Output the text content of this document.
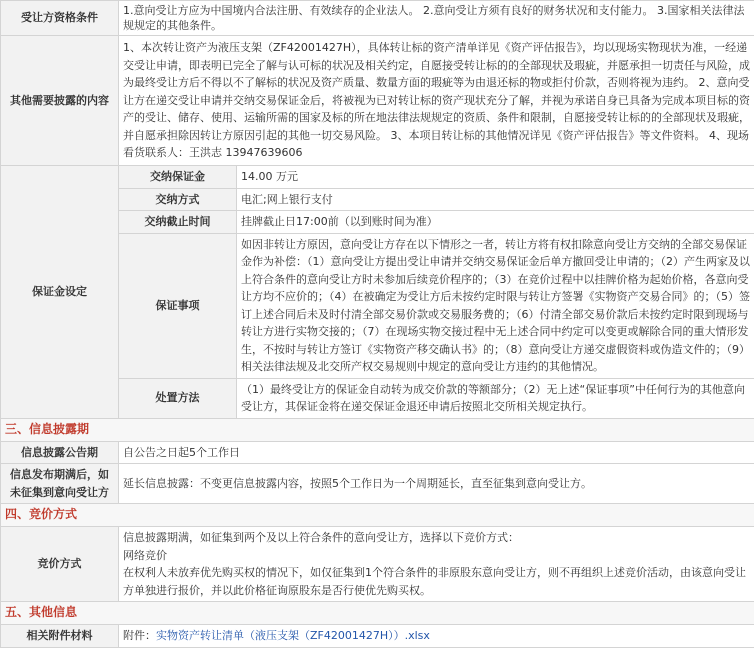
受让方资格条件	1.意向受让方应为中国境内合法注册、有效续存的企业法人。 2.意向受让方须有良好的财务状况和支付能力。 3.国家相关法律法规规定的其他条件。	
其他需要披露的内容	1、本次转让资产为液压支架（ZF42001427H），具体转让标的资产清单详见《资产评估报告》，均以现场实物现状为准，一经递交受让申请，即表明已完全了解与认可标的状况及相关约定，自愿接受转让标的的全部现状及瑕疵，并愿承担一切责任与风险，成为最终受让方后不得以不了解标的状况及资产质量、数量方面的瑕疵等为由退还标的物或拒付价款，否则将视为违约。 2、意向受让方在递交受让申请并交纳交易保证金后，将被视为已对转让标的资产现状充分了解，并视为承诺自身已具备为完成本项目标的资产的受让、储存、使用、运输所需的国家及标的所在地法律法规规定的资质、条件和限制，自愿接受转让标的的全部现状及瑕疵，并自愿承担除因转让方原因引起的其他一切交易风险。 3、本项目转让标的其他情况详见《资产评估报告》等文件资料。 4、现场看货联系人：王洪志 13947639606	
保证金设定	交纳保证金	14.00 万元
	交纳方式	电汇;网上银行支付
	交纳截止时间	挂牌截止日17:00前（以到账时间为准）
	保证事项	如因非转让方原因，意向受让方存在以下情形之一者，转让方将有权扣除意向受让方交纳的全部交易保证金作为补偿：（1）意向受让方提出受让申请并交纳交易保证金后单方撤回受让申请的；（2）产生两家及以上符合条件的意向受让方时未参加后续竞价程序的；（3）在竞价过程中以挂牌价格为起始价格，各意向受让方均不应价的；（4）在被确定为受让方后未按约定时限与转让方签署《实物资产交易合同》的；（5）签订上述合同后未及时付清全部交易价款或交易服务费的；（6）付清全部交易价款后未按约定时限到现场与转让方进行实物交接的；（7）在现场实物交接过程中无上述合同中约定可以变更或解除合同的重大情形发生，不按时与转让方签订《实物资产移交确认书》的；（8）意向受让方递交虚假资料或伪造文件的；（9）相关法律法规及北交所产权交易规则中规定的意向受让方违约的其他情况。
	处置方法	（1）最终受让方的保证金自动转为成交价款的等额部分；（2）无上述“保证事项”中任何行为的其他意向受让方，其保证金将在递交保证金退还申请后按照北交所相关规定执行。
三、信息披露期		
信息披露公告期	自公告之日起5个工作日	
信息发布期满后，如未征集到意向受让方	延长信息披露：不变更信息披露内容，按照5个工作日为一个周期延长，直至征集到意向受让方。	
四、竞价方式		
竞价方式	信息披露期满，如征集到两个及以上符合条件的意向受让方，选择以下竞价方式：
网络竞价
在权利人未放弃优先购买权的情况下，如仅征集到1个符合条件的非原股东意向受让方，则不再组织上述竞价活动，由该意向受让方单独进行报价，并以此价格征询原股东是否行使优先购买权。	

五、其他信息		
相关附件材料	附件：实物资产转让清单（液压支架（ZF42001427H））.xlsx	
